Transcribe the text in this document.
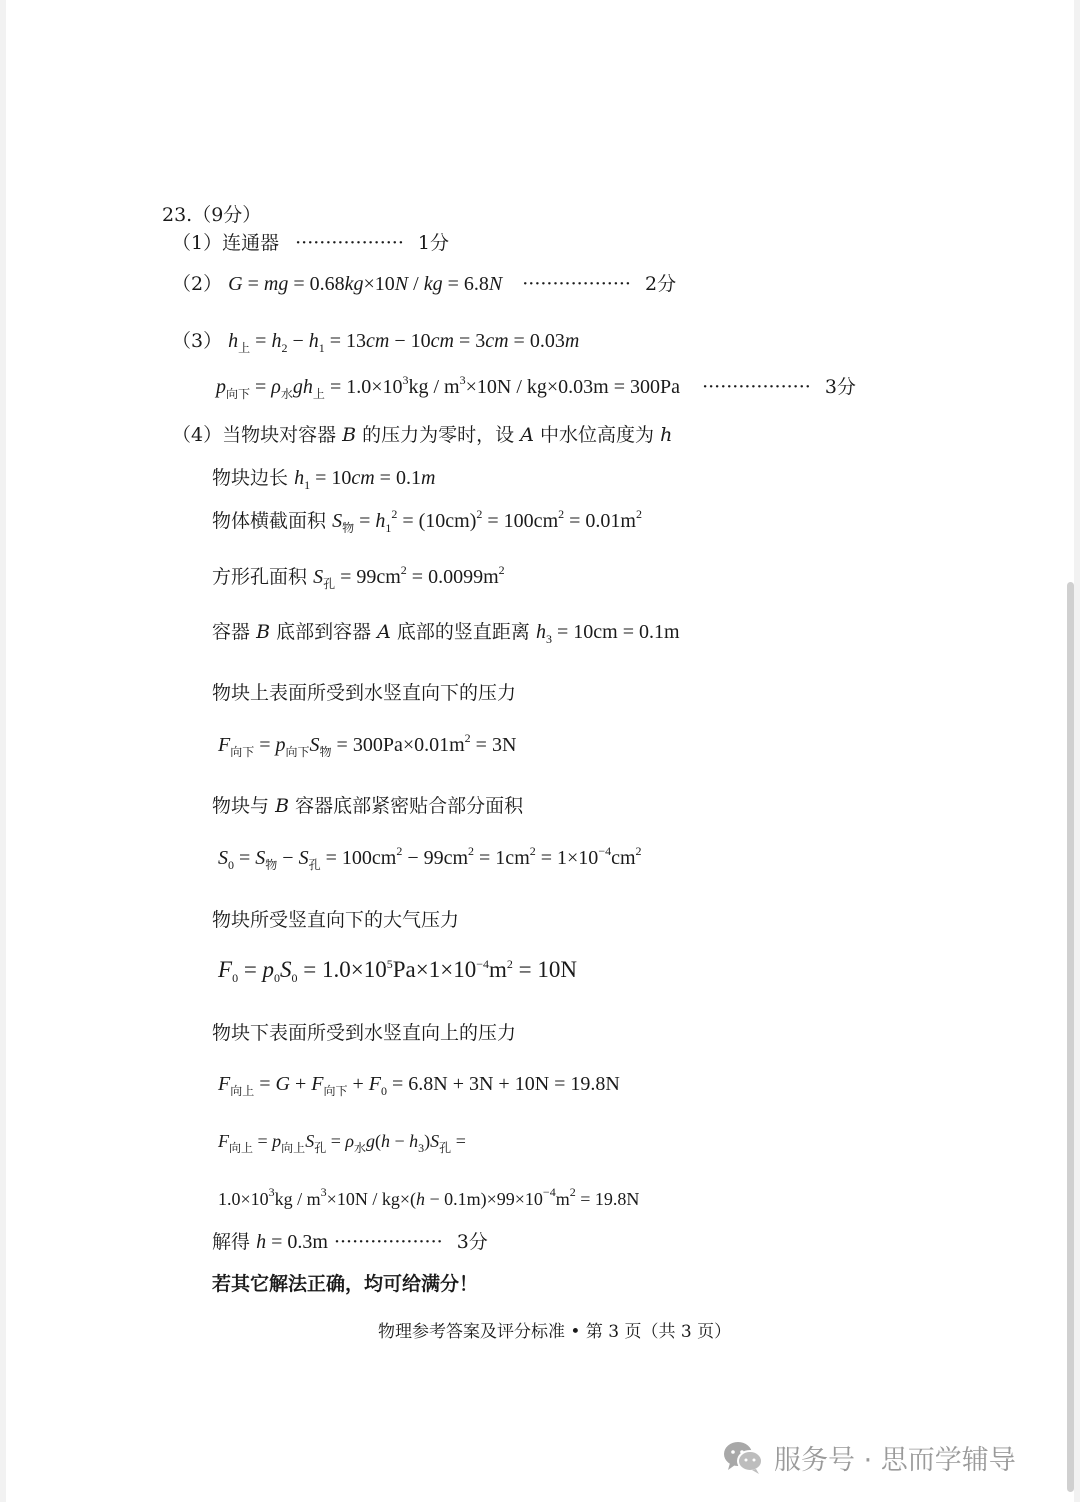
23.（9分）
（1）连通器 ·················· 1分
（2） G = mg = 0.68kg×10N / kg = 6.8N ·················· 2分
（3） $h_上 = h_2 - h_1 = 13cm - 10cm = 3cm = 0.03m$
$p_{向下} = \rho_水gh_上 = 1.0\times 10^3kg / m^3\times 10N / kg\times 0.03m = 300Pa$ ·················· 3分
（4）当物块对容器 B 的压力为零时，设 A 中水位高度为 h
物块边长 $h_1 = 10cm = 0.1m$
物体横截面积 $S_物 = h_1^2 = (10cm)^2 = 100cm^2 = 0.01m^2$
方形孔面积 $S_孔 = 99cm^2 = 0.0099m^2$
容器 B 底部到容器 A 底部的竖直距离 $h_3 = 10cm = 0.1m$
物块上表面所受到水竖直向下的压力
$F_{向下} = p_{向下}S_物 = 300Pa\times 0.01m^2 = 3N$
物块与 B 容器底部紧密贴合部分面积
$S_0 = S_物 - S_孔 = 100cm^2 - 99cm^2 = 1cm^2 = 1\times 10^{-4}cm^2$
物块所受竖直向下的大气压力
$F_0 = p_0S_0 = 1.0\times 10^5Pa\times 1\times 10^{-4}m^2 = 10N$
物块下表面所受到水竖直向上的压力
$F_{向上} = G + F_{向下} + F_0 = 6.8N + 3N + 10N = 19.8N$
$F_{向上} = p_{向上}S_孔 = \rho_水g(h - h_3)S_孔$ =
$1.0\times 10^3kg / m^3\times 10N / kg\times(h - 0.1m)\times 99\times 10^{-4}m^2 = 19.8N$
解得 h = 0.3m ·················· 3分
若其它解法正确，均可给满分！
物理参考答案及评分标准 • 第 3 页（共 3 页）
服务号 · 思而学辅导
